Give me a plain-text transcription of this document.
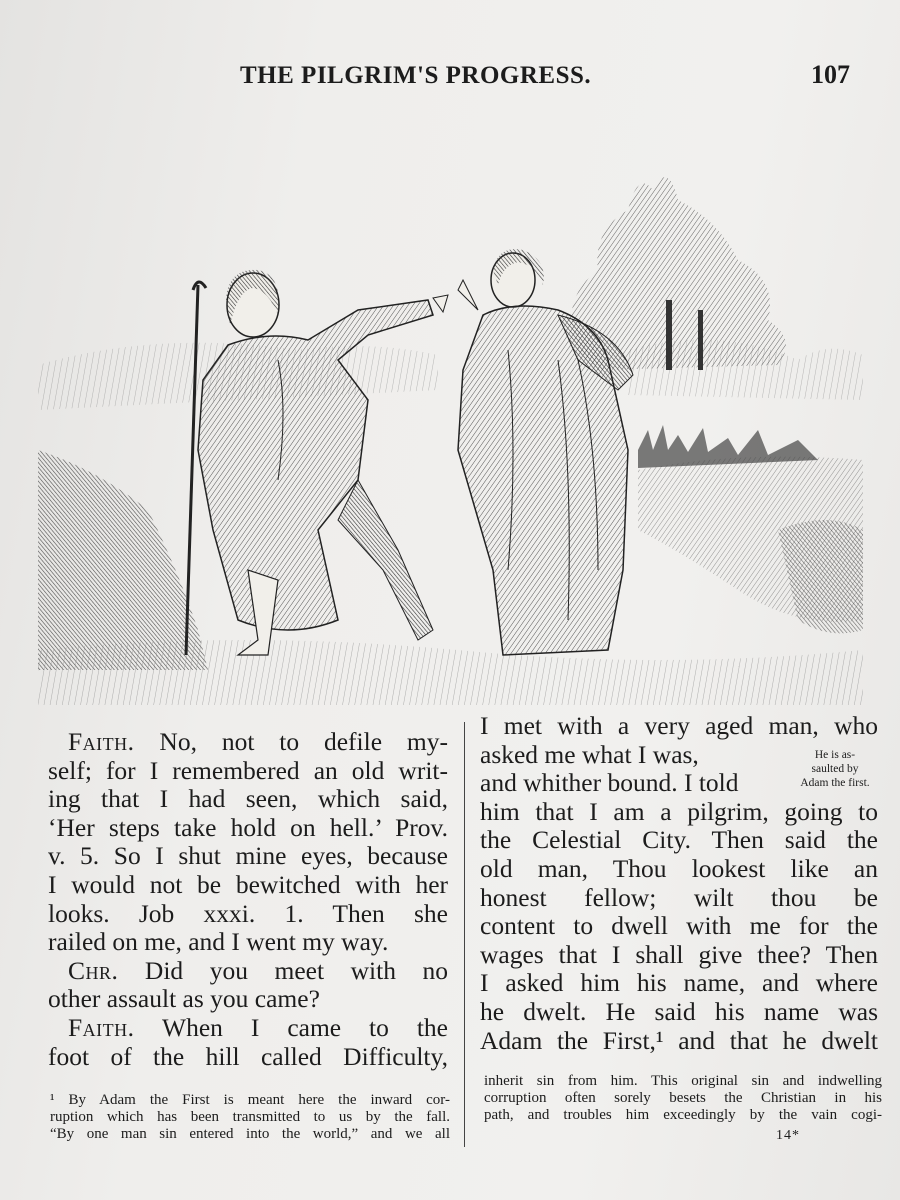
THE PILGRIM'S PROGRESS.	107
Faith. No, not to defile my-
self; for I remembered an old writ-
ing that I had seen, which said,
‘Her steps take hold on hell.’ Prov.
v. 5. So I shut mine eyes, because
I would not be bewitched with her
looks. Job xxxi. 1. Then she
railed on me, and I went my way.
Chr. Did you meet with no
other assault as you came?
Faith. When I came to the
foot of the hill called Difficulty,
I met with a very aged man, who
asked me what I was,
and whither bound. I told
him that I am a pilgrim, going to
the Celestial City. Then said the
old man, Thou lookest like an
honest fellow; wilt thou be
content to dwell with me for the
wages that I shall give thee? Then
I asked him his name, and where
he dwelt. He said his name was
Adam the First,¹ and that he dwelt
He is as-
saulted by
Adam the first.
¹ By Adam the First is meant here the inward cor-
ruption which has been transmitted to us by the fall.
“By one man sin entered into the world,” and we all
inherit sin from him. This original sin and indwelling
corruption often sorely besets the Christian in his
path, and troubles him exceedingly by the vain cogi-
14*
